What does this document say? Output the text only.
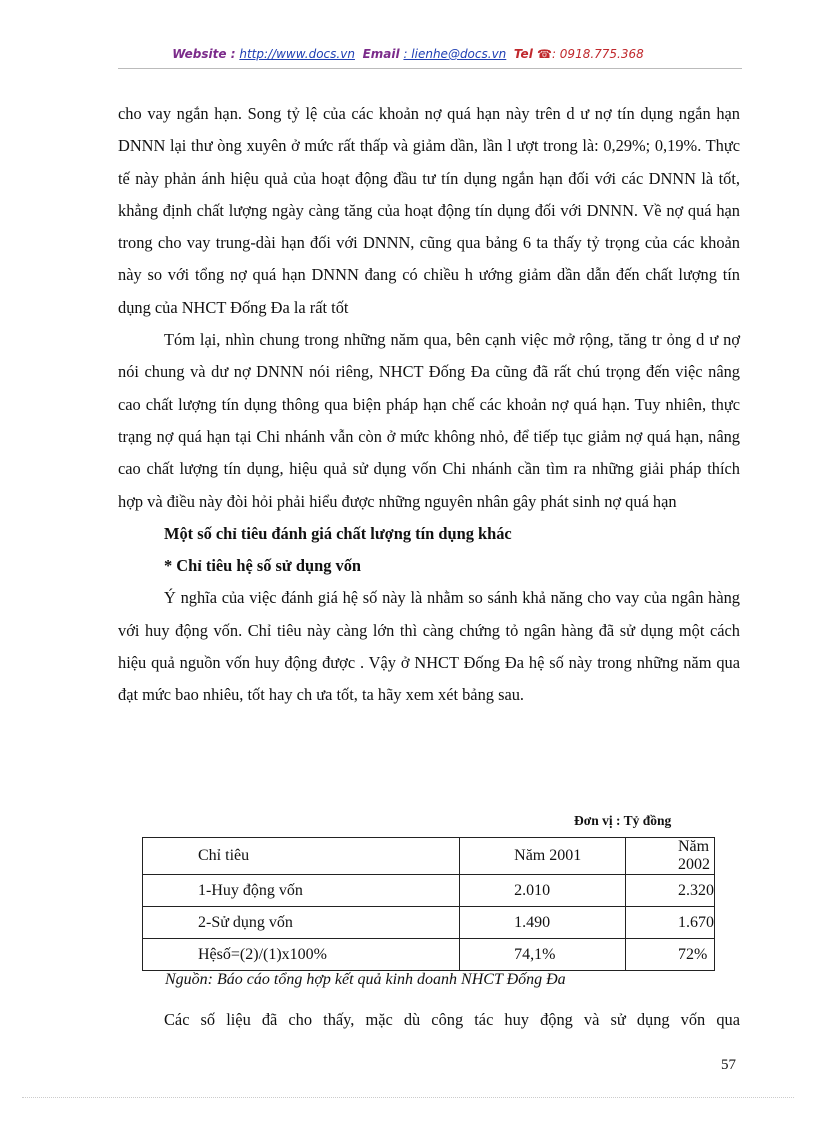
Website : http://www.docs.vn Email : lienhe@docs.vn Tel ☎: 0918.775.368

cho vay ngắn hạn. Song tỷ lệ của các khoản nợ quá hạn này trên d ư nợ tín dụng ngắn hạn DNNN lại thư òng xuyên ở mức rất thấp và giảm dần, lần l ượt trong là: 0,29%; 0,19%. Thực tế này phản ánh hiệu quả của hoạt động đầu tư tín dụng ngắn hạn đối với các DNNN là tốt, khẳng định chất lượng ngày càng tăng của hoạt động tín dụng đối với DNNN. Về nợ quá hạn trong cho vay trung-dài hạn đối với DNNN, cũng qua bảng 6 ta thấy tỷ trọng của các khoản này so với tổng nợ quá hạn DNNN đang có chiều h ướng giảm dần dẫn đến chất lượng tín dụng của NHCT Đống Đa la rất tốt

Tóm lại, nhìn chung trong những năm qua, bên cạnh việc mở rộng, tăng tr ỏng d ư nợ nói chung và dư nợ DNNN nói riêng, NHCT Đống Đa cũng đã rất chú trọng đến việc nâng cao chất lượng tín dụng thông qua biện pháp hạn chế các khoản nợ quá hạn. Tuy nhiên, thực trạng nợ quá hạn tại Chi nhánh vẫn còn ở mức không nhỏ, để tiếp tục giảm nợ quá hạn, nâng cao chất lượng tín dụng, hiệu quả sử dụng vốn Chi nhánh cần tìm ra những giải pháp thích hợp và điều này đòi hỏi phải hiểu được những nguyên nhân gây phát sinh nợ quá hạn

Một số chỉ tiêu đánh giá chất lượng tín dụng khác

* Chỉ tiêu hệ số sử dụng vốn

Ý nghĩa của việc đánh giá hệ số này là nhằm so sánh khả năng cho vay của ngân hàng với huy động vốn. Chỉ tiêu này càng lớn thì càng chứng tỏ ngân hàng đã sử dụng một cách hiệu quả nguồn vốn huy động được . Vậy ở NHCT Đống Đa hệ số này trong những năm qua đạt mức bao nhiêu, tốt hay ch ưa tốt, ta hãy xem xét bảng sau.

Đơn vị : Tỷ đồng
Chỉ tiêu	Năm 2001	Năm 2002
1-Huy động vốn	2.010	2.320
2-Sử dụng vốn	1.490	1.670
Hệsố=(2)/(1)x100%	74,1%	72%
Nguồn: Báo cáo tổng hợp kết quả kinh doanh NHCT Đống Đa
Các số liệu đã cho thấy, mặc dù công tác huy động và sử dụng vốn qua
57
